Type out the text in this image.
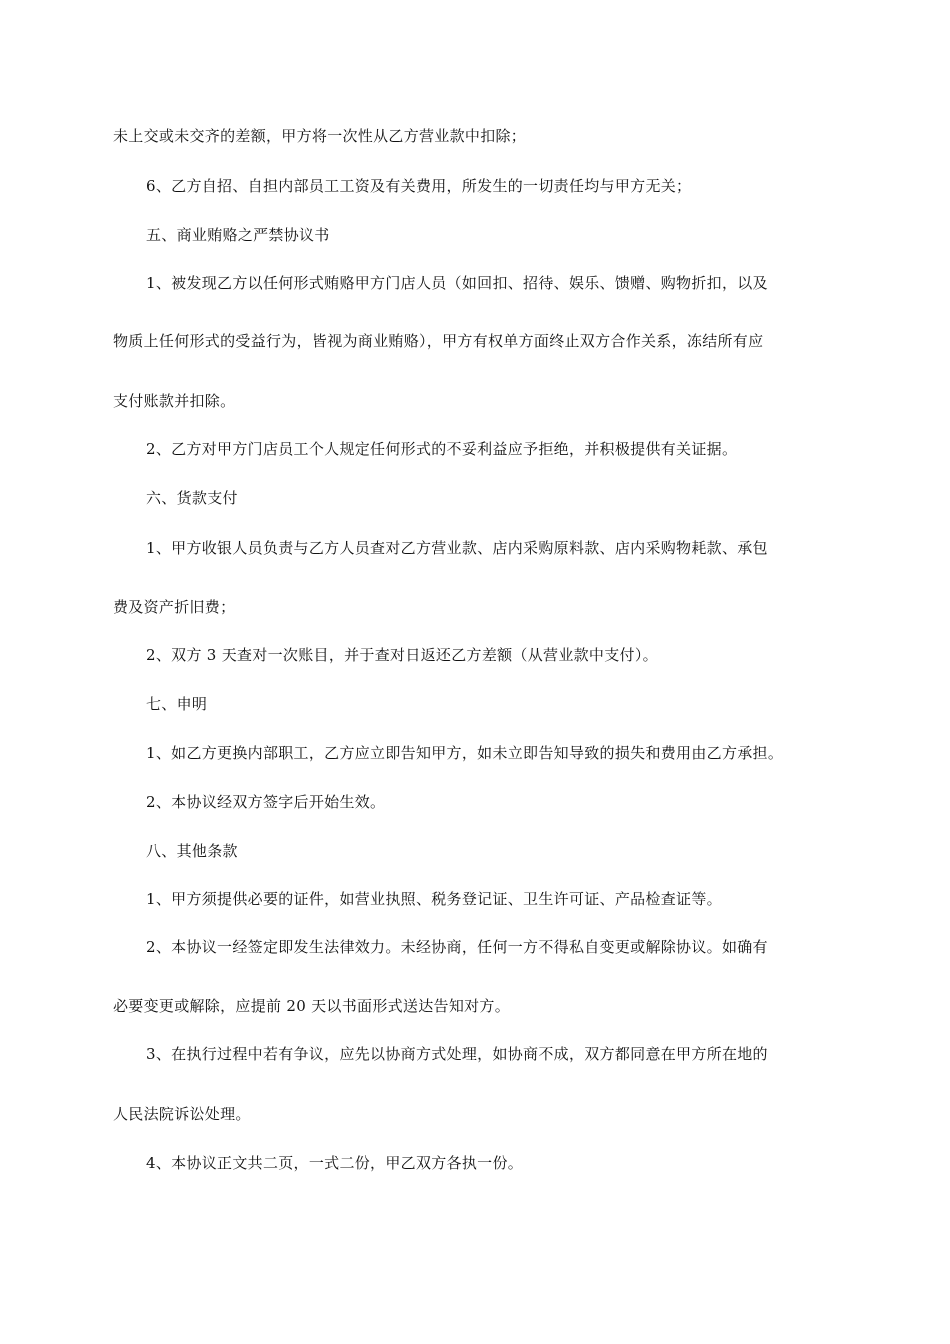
未上交或未交齐的差额，甲方将一次性从乙方营业款中扣除；
6、乙方自招、自担内部员工工资及有关费用，所发生的一切责任均与甲方无关；
五、商业贿赂之严禁协议书
1、被发现乙方以任何形式贿赂甲方门店人员（如回扣、招待、娱乐、馈赠、购物折扣，以及
物质上任何形式的受益行为，皆视为商业贿赂），甲方有权单方面终止双方合作关系，冻结所有应
支付账款并扣除。
2、乙方对甲方门店员工个人规定任何形式的不妥利益应予拒绝，并积极提供有关证据。
六、货款支付
1、甲方收银人员负责与乙方人员查对乙方营业款、店内采购原料款、店内采购物耗款、承包
费及资产折旧费；
2、双方 3 天查对一次账目，并于查对日返还乙方差额（从营业款中支付）。
七、申明
1、如乙方更换内部职工，乙方应立即告知甲方，如未立即告知导致的损失和费用由乙方承担。
2、本协议经双方签字后开始生效。
八、其他条款
1、甲方须提供必要的证件，如营业执照、税务登记证、卫生许可证、产品检查证等。
2、本协议一经签定即发生法律效力。未经协商，任何一方不得私自变更或解除协议。如确有
必要变更或解除，应提前 20 天以书面形式送达告知对方。
3、在执行过程中若有争议，应先以协商方式处理，如协商不成，双方都同意在甲方所在地的
人民法院诉讼处理。
4、本协议正文共二页，一式二份，甲乙双方各执一份。
